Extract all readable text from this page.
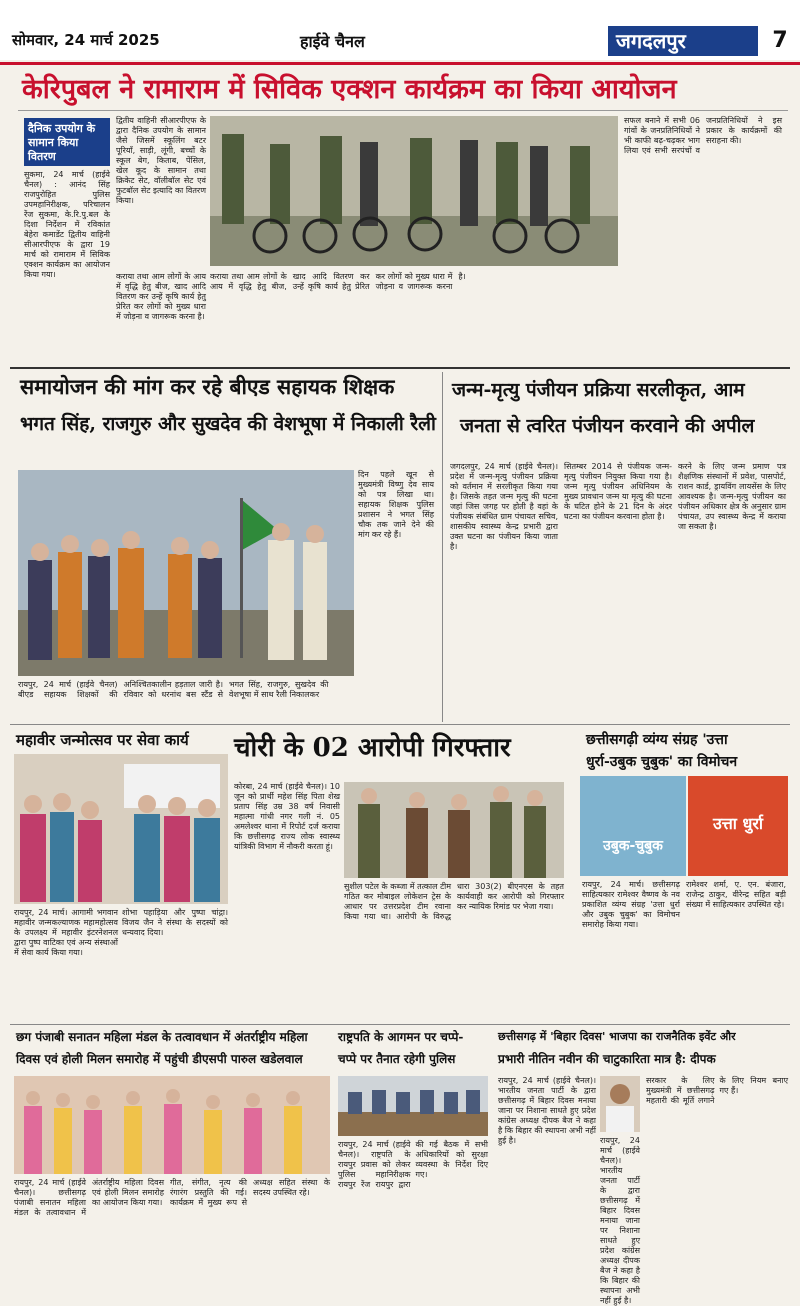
सोमवार, 24 मार्च 2025	हाईवे चैनल	जगदलपुर	7
केरिपुबल ने रामाराम में सिविक एक्शन कार्यक्रम का किया आयोजन
दैनिक उपयोग के सामान किया वितरण
सुकमा, 24 मार्च (हाईवे चैनल) : आनंद सिंह राजपुरोहित पुलिस उपमहानिरीक्षक, परिचालन रेंज सुकमा, के.रि.पु.बल के दिशा निर्देशन में रविकांत बेहेरा कमाडेंट द्वितीय वाहिनी सीआरपीएफ के द्वारा 19 मार्च को रामाराम में सिविक एक्शन कार्यक्रम का आयोजन किया गया।
द्वितीय वाहिनी सीआरपीएफ के द्वारा दैनिक उपयोग के सामान जैसे जिसमें स्कूलिंग बटर पूरियाँ, साड़ी, लूंगी, बच्चों के स्कूल बेग, किताब, पेंसिल, खेल कूद के सामान तथा क्रिकेट सेट, वॉलीबॉल सेट एवं फुटबॉल सेट इत्यादि का वितरण किया।
कराया तथा आम लोगों के आय में वृद्धि हेतु बीज, खाद आदि वितरण कर उन्हें कृषि कार्य हेतु प्रेरित कर लोगों को मुख्य धारा में जोड़ना व जागरूक करना है।
कराया तथा आम लोगों के आय में वृद्धि हेतु बीज, खाद आदि वितरण कर उन्हें कृषि कार्य हेतु प्रेरित कर लोगों को मुख्य धारा में जोड़ना व जागरूक करना है।
सफल बनाने में सभी 06 गांवों के जनप्रतिनिधियों ने भी काफी बढ़-चढ़कर भाग लिया एवं सभी सरपंचों व जनप्रतिनिधियों ने इस प्रकार के कार्यक्रमों की सराहना की।
समायोजन की मांग कर रहे बीएड सहायक शिक्षक
भगत सिंह, राजगुरु और सुखदेव की वेशभूषा में निकाली रैली
दिन पहले खून से मुख्यमंत्री विष्णु देव साय को पत्र लिखा था। सहायक शिक्षक पुलिस प्रशासन ने भगत सिंह चौक तक जाने देने की मांग कर रहे हैं।
रायपुर, 24 मार्च (हाईवे चैनल) बीएड सहायक शिक्षकों की अनिश्चितकालीन हड़ताल जारी है। रविवार को धरनांथ बस स्टैंड से भगत सिंह, राजगुरु, सुखदेव की वेशभूषा में साथ रैली निकालकर
जन्म-मृत्यु पंजीयन प्रक्रिया सरलीकृत, आम
जनता से त्वरित पंजीयन करवाने की अपील
जगदलपुर, 24 मार्च (हाईवे चैनल)। प्रदेश में जन्म-मृत्यु पंजीयन प्रक्रिया को वर्तमान में सरलीकृत किया गया है। जिसके तहत जन्म मृत्यु की घटना जहां जिस जगह पर होती है वहां के पंजीयक संबंधित ग्राम पंचायत सचिव, शासकीय स्वास्थ्य केन्द्र प्रभारी द्वारा उक्त घटना का पंजीयन किया जाता है।
सितम्बर 2014 से पंजीयक जन्म-मृत्यु पंजीयन नियुक्त किया गया है। जन्म मृत्यु पंजीयन अधिनियम के मुख्य प्रावधान जन्म या मृत्यु की घटना के घटित होने के 21 दिन के अंदर घटना का पंजीयन करवाना होता है।
करने के लिए जन्म प्रमाण पत्र शैक्षणिक संस्थानों में प्रवेश, पासपोर्ट, राशन कार्ड, ड्रायविंग लायसेंस के लिए आवश्यक है। जन्म-मृत्यु पंजीयन का पंजीयन अधिकार क्षेत्र के अनुसार ग्राम पंचायत, उप स्वास्थ्य केन्द्र में कराया जा सकता है।
महावीर जन्मोत्सव पर सेवा कार्य
रायपुर, 24 मार्च। आगामी भगवान महावीर जन्मकल्याणक महामहोत्सव के उपलक्ष्य में महावीर इंटरनेशनल द्वारा पुष्प वाटिका एवं अन्य संस्थाओं में सेवा कार्य किया गया।
शोभा पहाड़िया और पुष्पा चांद्गा। विजय जैन ने संस्था के सदस्यों को धन्यवाद दिया।
चोरी के 02 आरोपी गिरफ्तार
कोरबा, 24 मार्च (हाईवे चैनल)। 10 जून को प्रार्थी महेश सिंह पिता शेख प्रताप सिंह उम्र 38 वर्ष निवासी महात्मा गांधी नगर गली नं. 05 अमलेश्वर थाना में रिपोर्ट दर्ज कराया कि छत्तीसगढ़ राज्य लोक स्वास्थ्य यांत्रिकी विभाग में नौकरी करता हूं।
सुशील पटेल के कब्जा में तत्काल टीम गठित कर मोबाइल लोकेशन ट्रेस के आधार पर उत्तरप्रदेश टीम रवाना किया गया था। आरोपी के विरुद्ध धारा 303(2) बीएनएस के तहत कार्यवाही कर आरोपी को गिरफ्तार कर न्यायिक रिमांड पर भेजा गया।
छत्तीसगढ़ी व्यंग्य संग्रह 'उत्ता
धुर्रा-उबुक चुबुक' का विमोचन
उबुक-चुबुक
उत्ता धुर्रा
रायपुर, 24 मार्च। छत्तीसगढ़ साहित्यकार रामेश्वर वैष्णव के नव प्रकाशित व्यंग्य संग्रह 'उत्ता धुर्रा और उबुक चुबुक' का विमोचन समारोह किया गया।
रामेश्वर शर्मा, ए. एन. बंजारा, राजेन्द्र ठाकुर, वीरेन्द्र सहित बड़ी संख्या में साहित्यकार उपस्थित रहे।
छग पंजाबी सनातन महिला मंडल के तत्वावधान में अंतर्राष्ट्रीय महिला
दिवस एवं होली मिलन समारोह में पहुंची डीएसपी पारुल खडेलवाल
रायपुर, 24 मार्च (हाईवे चैनल)। छत्तीसगढ़ पंजाबी सनातन महिला मंडल के तत्वावधान में अंतर्राष्ट्रीय महिला दिवस एवं होली मिलन समारोह का आयोजन किया गया।
गीत, संगीत, नृत्य की रंगारंग प्रस्तुति की गई। कार्यक्रम में मुख्य रूप से अध्यक्ष सहित संस्था के सदस्य उपस्थित रहे।
राष्ट्रपति के आगमन पर चप्पे-
चप्पे पर तैनात रहेगी पुलिस
रायपुर, 24 मार्च (हाईवे चैनल)। राष्ट्रपति के रायपुर प्रवास को लेकर पुलिस महानिरीक्षक रायपुर रेंज रायपुर द्वारा की गई बैठक में सभी अधिकारियों को सुरक्षा व्यवस्था के निर्देश दिए गए।
छत्तीसगढ़ में 'बिहार दिवस' भाजपा का राजनैतिक इवेंट और
प्रभारी नीतिन नवीन की चाटुकारिता मात्र है: दीपक
रायपुर, 24 मार्च (हाईवे चैनल)। भारतीय जनता पार्टी के द्वारा छत्तीसगढ़ में बिहार दिवस मनाया जाना पर निशाना साधते हुए प्रदेश कांग्रेस अध्यक्ष दीपक बैज ने कहा है कि बिहार की स्थापना अभी नहीं हुई है।	रायपुर, 24 मार्च (हाईवे चैनल)। भारतीय जनता पार्टी के द्वारा छत्तीसगढ़ में बिहार दिवस मनाया जाना पर निशाना साधते हुए प्रदेश कांग्रेस अध्यक्ष दीपक बैज ने कहा है कि बिहार की स्थापना अभी नहीं हुई है।
सरकार के लिए मुख्यमंत्री में छत्तीसगढ़ महतारी की मूर्ति लगाने के लिए नियम बनाए गए हैं।
